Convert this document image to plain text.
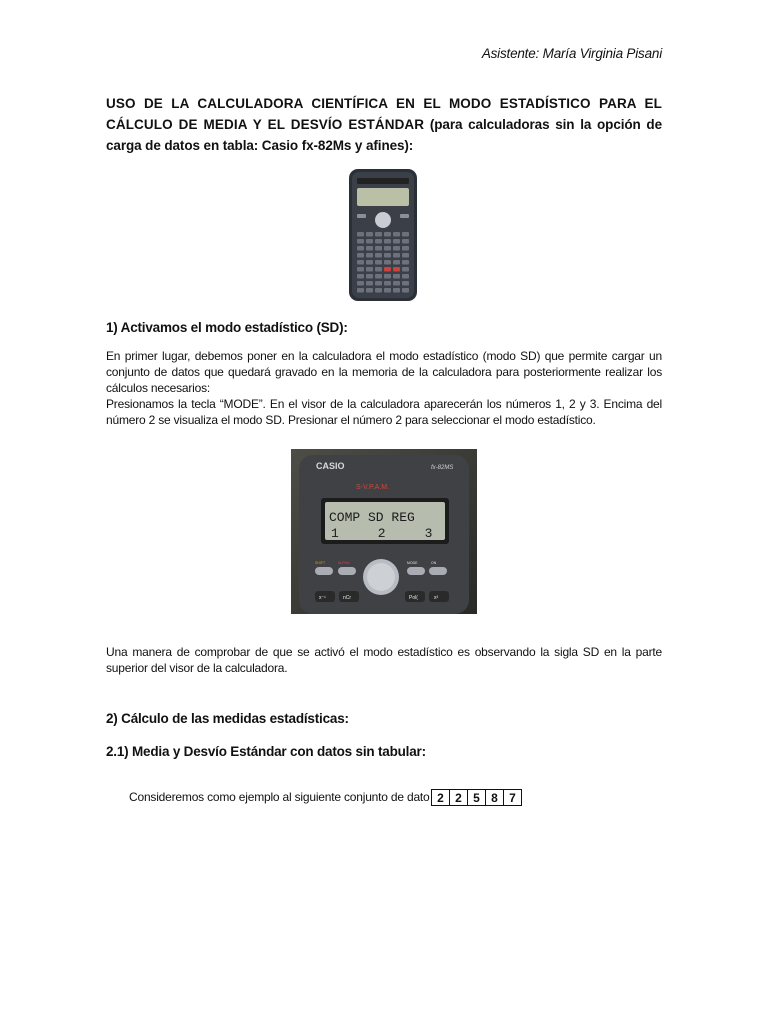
Asistente: María Virginia Pisani
USO DE LA CALCULADORA CIENTÍFICA EN EL MODO ESTADÍSTICO PARA EL CÁLCULO DE MEDIA Y EL DESVÍO ESTÁNDAR (para calculadoras sin la opción de carga de datos en tabla: Casio fx-82Ms y afines):
1) Activamos el modo estadístico (SD):
En primer lugar, debemos poner en la calculadora el modo estadístico (modo SD) que permite cargar un conjunto de datos que quedará gravado en la memoria de la calculadora para posteriormente realizar los cálculos necesarios:
Presionamos la tecla “MODE”. En el visor de la calculadora aparecerán los números 1, 2 y 3. Encima del número 2 se visualiza el modo SD. Presionar el número 2 para seleccionar el modo estadístico.
CASIO	fx-82MS
S-V.P.A.M.
COMP SD REG
1     2     3
x⁻¹	nCr	Pol(	x³
SHIFT	ALPHA	MODE	ON
Una manera de comprobar de que se activó el modo estadístico es observando la sigla SD en la parte superior del visor de la calculadora.
2) Cálculo de las medidas estadísticas:
2.1) Media y Desvío Estándar con datos sin tabular:
Consideremos como ejemplo al siguiente conjunto de dato 2	2	5	8	7
